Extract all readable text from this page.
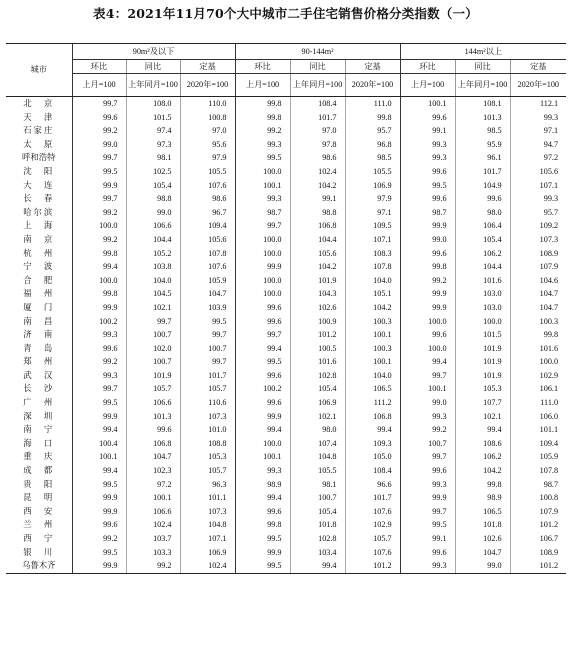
表4：2021年11月70个大中城市二手住宅销售价格分类指数（一）
城市	90m²及以下			90-144m²			144m²以上		
	环比	同比	定基	环比	同比	定基	环比	同比	定基
	上月=100	上年同月=100	2020年=100	上月=100	上年同月=100	2020年=100	上月=100	上年同月=100	2020年=100
北　京	99.7	108.0	110.0	99.8	108.4	111.0	100.1	108.1	112.1
天　津	99.6	101.5	100.8	99.8	101.7	99.8	99.6	101.3	99.3
石家庄	99.2	97.4	97.0	99.2	97.0	95.7	99.1	98.5	97.1
太　原	99.0	97.3	95.6	99.3	97.8	96.8	99.3	95.9	94.7
呼和浩特	99.7	98.1	97.9	99.5	98.6	98.5	99.3	96.1	97.2
沈　阳	99.5	102.5	105.5	100.0	102.4	105.5	99.6	101.7	105.6
大　连	99.9	105.4	107.6	100.1	104.2	106.9	99.5	104.9	107.1
长　春	99.7	98.8	98.6	99.3	99.1	97.9	99.6	99.6	99.3
哈尔滨	99.2	99.0	96.7	98.7	98.8	97.1	98.7	98.0	95.7
上　海	100.0	106.6	109.4	99.7	106.8	109.5	99.9	106.4	109.2
南　京	99.2	104.4	105.6	100.0	104.4	107.1	99.0	105.4	107.3
杭　州	99.8	105.2	107.8	100.0	105.6	108.3	99.6	106.2	108.9
宁　波	99.4	103.8	107.6	99.9	104.2	107.8	99.8	104.4	107.9
合　肥	100.0	104.0	105.9	100.0	101.9	104.0	99.2	101.6	104.6
福　州	99.8	104.5	104.7	100.0	104.3	105.1	99.9	103.0	104.7
厦　门	99.9	102.1	103.9	99.6	102.6	104.2	99.9	103.0	104.7
南　昌	100.2	99.7	99.5	99.6	100.9	100.3	100.0	100.0	100.3
济　南	99.3	100.7	99.7	99.7	101.2	100.1	99.6	101.5	99.8
青　岛	99.6	102.0	100.7	99.4	100.5	100.3	100.0	101.9	101.6
郑　州	99.2	100.7	99.7	99.5	101.6	100.1	99.4	101.9	100.0
武　汉	99.3	101.9	101.7	99.6	102.8	104.0	99.7	101.9	102.9
长　沙	99.7	105.7	105.7	100.2	105.4	106.5	100.1	105.3	106.1
广　州	99.5	106.6	110.6	99.6	106.9	111.2	99.0	107.7	111.0
深　圳	99.9	101.3	107.3	99.9	102.1	106.8	99.3	102.1	106.0
南　宁	99.4	99.6	101.0	99.4	98.0	99.4	99.2	99.4	101.1
海　口	100.4	106.8	108.8	100.0	107.4	109.3	100.7	108.6	109.4
重　庆	100.1	104.7	105.3	100.1	104.8	105.0	99.7	106.2	105.9
成　都	99.4	102.3	105.7	99.3	105.5	108.4	99.6	104.2	107.8
贵　阳	99.5	97.2	96.3	98.9	98.1	96.6	99.3	99.8	98.7
昆　明	99.9	100.1	101.1	99.4	100.7	101.7	99.9	98.9	100.8
西　安	99.9	106.6	107.3	99.6	105.4	107.6	99.7	106.5	107.9
兰　州	99.6	102.4	104.8	99.8	101.8	102.9	99.5	101.8	101.2
西　宁	99.2	103.7	107.1	99.5	102.8	105.7	99.1	102.6	106.7
银　川	99.5	103.3	106.9	99.9	103.4	107.6	99.6	104.7	108.9
乌鲁木齐	99.9	99.2	102.4	99.5	99.4	101.2	99.3	99.0	101.2
